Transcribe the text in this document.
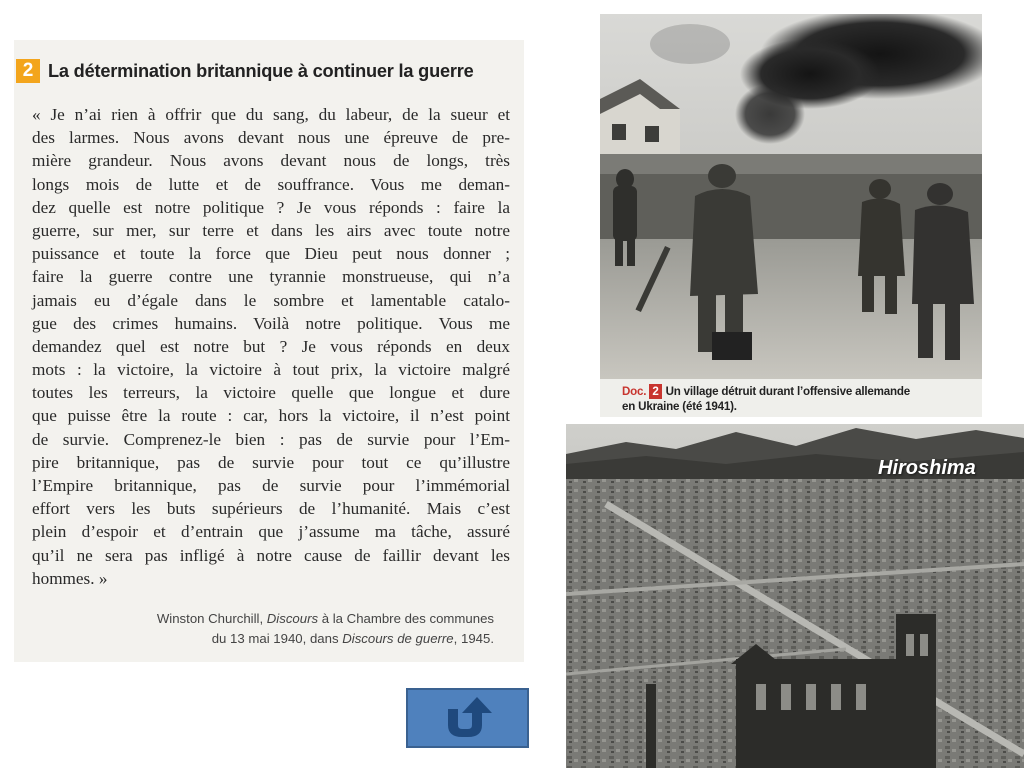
2 La détermination britannique à continuer la guerre
« Je n’ai rien à offrir que du sang, du labeur, de la sueur et
des larmes. Nous avons devant nous une épreuve de pre-
mière grandeur. Nous avons devant nous de longs, très
longs mois de lutte et de souffrance. Vous me deman-
dez quelle est notre politique ? Je vous réponds : faire la
guerre, sur mer, sur terre et dans les airs avec toute notre
puissance et toute la force que Dieu peut nous donner ;
faire la guerre contre une tyrannie monstrueuse, qui n’a
jamais eu d’égale dans le sombre et lamentable catalo-
gue des crimes humains. Voilà notre politique. Vous me
demandez quel est notre but ? Je vous réponds en deux
mots : la victoire, la victoire à tout prix, la victoire malgré
toutes les terreurs, la victoire quelle que longue et dure
que puisse être la route : car, hors la victoire, il n’est point
de survie. Comprenez-le bien : pas de survie pour l’Em-
pire britannique, pas de survie pour tout ce qu’illustre
l’Empire britannique, pas de survie pour l’immémorial
effort vers les buts supérieurs de l’humanité. Mais c’est
plein d’espoir et d’entrain que j’assume ma tâche, assuré
qu’il ne sera pas infligé à notre cause de faillir devant les
hommes. »
Winston Churchill, Discours à la Chambre des communes
du 13 mai 1940, dans Discours de guerre, 1945.
Doc. 2 Un village détruit durant l’offensive allemande
en Ukraine (été 1941).
Hiroshima
